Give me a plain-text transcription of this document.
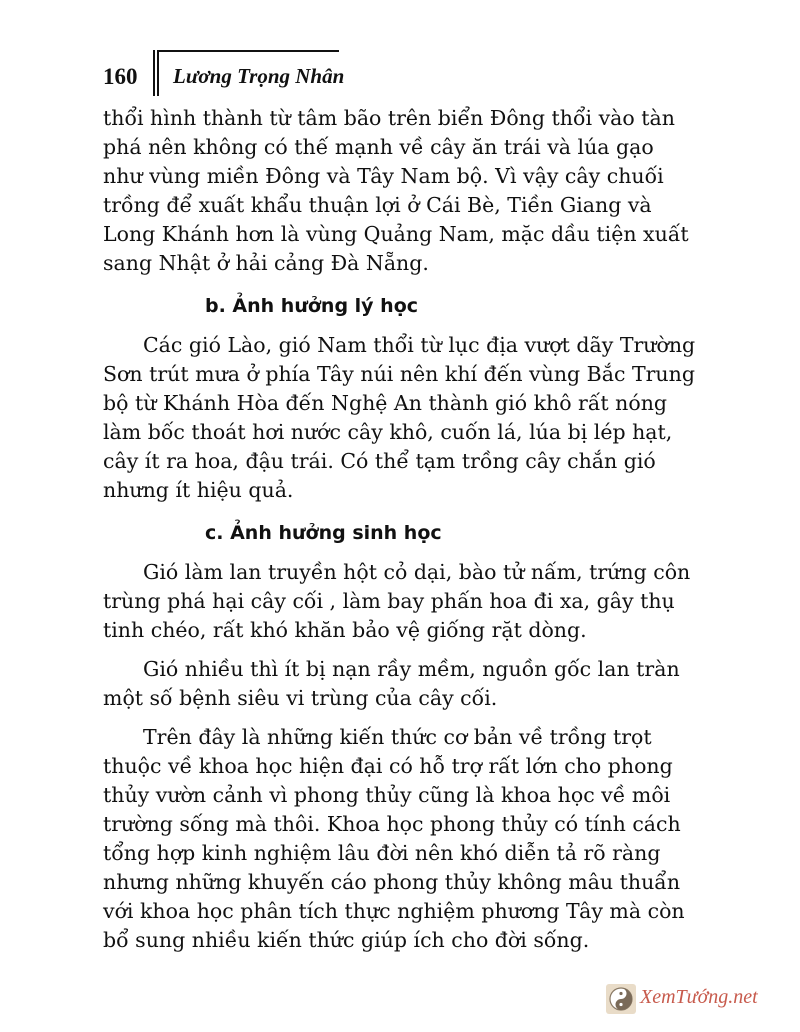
160 Lương Trọng Nhân
thổi hình thành từ tâm bão trên biển Đông thổi vào tàn
phá nên không có thế mạnh về cây ăn trái và lúa gạo
như vùng miền Đông và Tây Nam bộ. Vì vậy cây chuối
trồng để xuất khẩu thuận lợi ở Cái Bè, Tiền Giang và
Long Khánh hơn là vùng Quảng Nam, mặc dầu tiện xuất
sang Nhật ở hải cảng Đà Nẵng.
b. Ảnh hưởng lý học
Các gió Lào, gió Nam thổi từ lục địa vượt dãy Trường
Sơn trút mưa ở phía Tây núi nên khí đến vùng Bắc Trung
bộ từ Khánh Hòa đến Nghệ An thành gió khô rất nóng
làm bốc thoát hơi nước cây khô, cuốn lá, lúa bị lép hạt,
cây ít ra hoa, đậu trái. Có thể tạm trồng cây chắn gió
nhưng ít hiệu quả.
c. Ảnh hưởng sinh học
Gió làm lan truyền hột cỏ dại, bào tử nấm, trứng côn
trùng phá hại cây cối , làm bay phấn hoa đi xa, gây thụ
tinh chéo, rất khó khăn bảo vệ giống rặt dòng.
Gió nhiều thì ít bị nạn rầy mềm, nguồn gốc lan tràn
một số bệnh siêu vi trùng của cây cối.
Trên đây là những kiến thức cơ bản về trồng trọt
thuộc về khoa học hiện đại có hỗ trợ rất lớn cho phong
thủy vườn cảnh vì phong thủy cũng là khoa học về môi
trường sống mà thôi. Khoa học phong thủy có tính cách
tổng hợp kinh nghiệm lâu đời nên khó diễn tả rõ ràng
nhưng những khuyến cáo phong thủy không mâu thuẩn
với khoa học phân tích thực nghiệm phương Tây mà còn
bổ sung nhiều kiến thức giúp ích cho đời sống.
XemTướng.net
